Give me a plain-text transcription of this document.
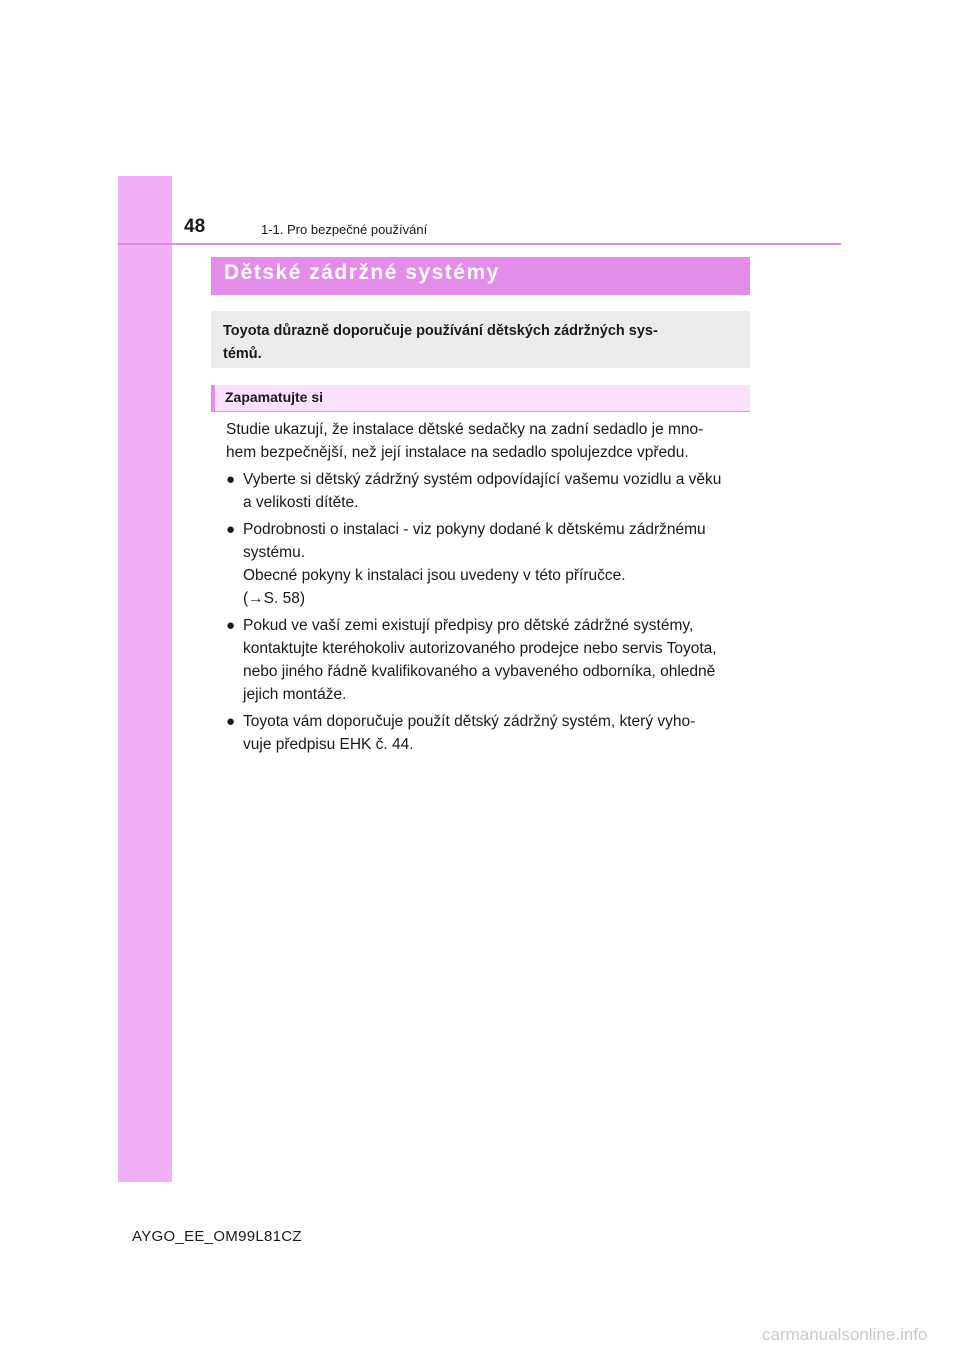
48	1-1. Pro bezpečné používání
Dětské zádržné systémy
Toyota důrazně doporučuje používání dětských zádržných sys-
témů.
Zapamatujte si

Studie ukazují, že instalace dětské sedačky na zadní sedadlo je mno-
hem bezpečnější, než její instalace na sedadlo spolujezdce vpředu.

● Vyberte si dětský zádržný systém odpovídající vašemu vozidlu a věku
a velikosti dítěte.
● Podrobnosti o instalaci - viz pokyny dodané k dětskému zádržnému
systému.
Obecné pokyny k instalaci jsou uvedeny v této příručce.
(→S. 58)
● Pokud ve vaší zemi existují předpisy pro dětské zádržné systémy,
kontaktujte kteréhokoliv autorizovaného prodejce nebo servis Toyota,
nebo jiného řádně kvalifikovaného a vybaveného odborníka, ohledně
jejich montáže.
● Toyota vám doporučuje použít dětský zádržný systém, který vyho-
vuje předpisu EHK č. 44.
AYGO_EE_OM99L81CZ
carmanualsonline.info
